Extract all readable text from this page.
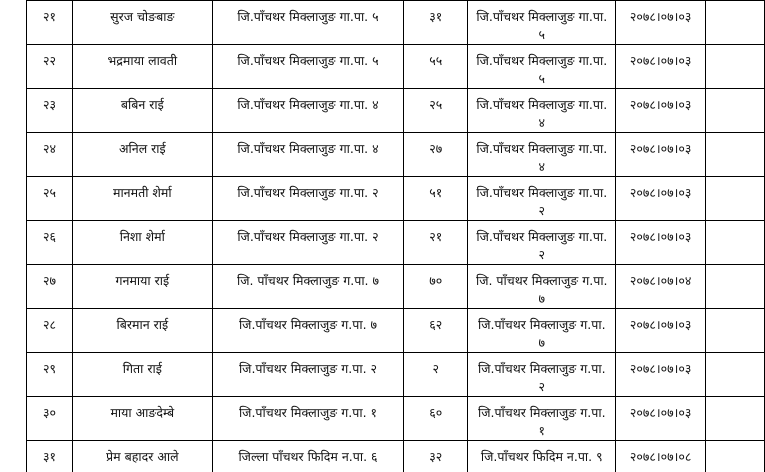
२१	सुरज चोङबाङ	जि.पाँचथर मिक्लाजुङ गा.पा. ५	३१	जि.पाँचथर मिक्लाजुङ गा.पा.
५	२०७८।०७।०३	

२२	भद्रमाया लावती	जि.पाँचथर मिक्लाजुङ गा.पा. ५	५५	जि.पाँचथर मिक्लाजुङ गा.पा.
५	२०७८।०७।०३	

२३	बबिन राई	जि.पाँचथर मिक्लाजुङ गा.पा. ४	२५	जि.पाँचथर मिक्लाजुङ गा.पा.
४	२०७८।०७।०३	

२४	अनिल राई	जि.पाँचथर मिक्लाजुङ गा.पा. ४	२७	जि.पाँचथर मिक्लाजुङ गा.पा.
४	२०७८।०७।०३	

२५	मानमती शेर्मा	जि.पाँचथर मिक्लाजुङ गा.पा. २	५१	जि.पाँचथर मिक्लाजुङ गा.पा.
२	२०७८।०७।०३	

२६	निशा शेर्मा	जि.पाँचथर मिक्लाजुङ गा.पा. २	२१	जि.पाँचथर मिक्लाजुङ गा.पा.
२	२०७८।०७।०३	

२७	गनमाया राई	जि. पाँचथर मिक्लाजुङ ग.पा. ७	७०	जि. पाँचथर मिक्लाजुङ ग.पा.
७	२०७८।०७।०४	

२८	बिरमान राई	जि.पाँचथर मिक्लाजुङ ग.पा. ७	६२	जि.पाँचथर मिक्लाजुङ ग.पा.
७	२०७८।०७।०३	

२९	गिता राई	जि.पाँचथर मिक्लाजुङ ग.पा. २	२	जि.पाँचथर मिक्लाजुङ ग.पा.
२	२०७८।०७।०३	

३०	माया आङदेम्बे	जि.पाँचथर मिक्लाजुङ ग.पा. १	६०	जि.पाँचथर मिक्लाजुङ ग.पा.
१	२०७८।०७।०३	

३१	प्रेम बहादर आले	जिल्ला पाँचथर फिदिम न.पा. ६	३२	जि.पाँचथर फिदिम न.पा. ९	२०७८।०७।०८	
